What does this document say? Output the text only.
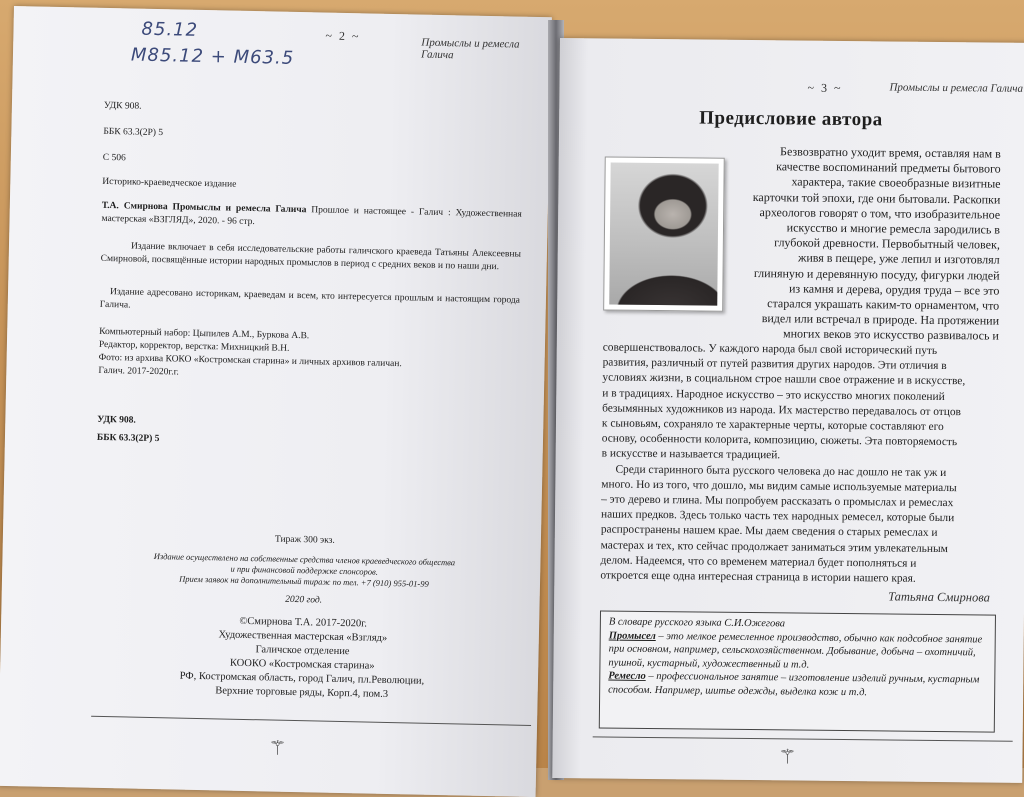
85.12
M85.12 + M63.5
~ 2 ~
Промыслы и ремесла Галича
УДК 908.
ББК 63.3(2Р) 5
С 506
Историко-краеведческое издание
Т.А. Смирнова Промыслы и ремесла Галича Прошлое и настоящее - Галич : Художественная мастерская «ВЗГЛЯД», 2020. - 96 стр.
Издание включает в себя исследовательские работы галичского краеведа Татьяны Алексеевны Смирновой, посвящённые истории народных промыслов в период с средних веков и по наши дни.
Издание адресовано историкам, краеведам и всем, кто интересуется прошлым и настоящим города Галича.
Компьютерный набор: Цыпилев А.М., Буркова А.В.
Редактор, корректор, верстка: Михницкий В.Н.
Фото: из архива КОКО «Костромская старина» и личных архивов галичан.
Галич. 2017-2020г.г.
УДК 908.
ББК 63.3(2Р) 5
Тираж 300 экз.
Издание осуществлено на собственные средства членов краеведческого общества
и при финансовой поддержке спонсоров.
Прием заявок на дополнительный тираж по тел. +7 (910) 955-01-99
2020 год.
©Смирнова Т.А. 2017-2020г.
Художественная мастерская «Взгляд»
Галичское отделение
КООКО «Костромская старина»
РФ, Костромская область, город Галич, пл.Революции,
Верхние торговые ряды, Корп.4, пом.3
⚚
~ 3 ~	Промыслы и ремесла Галича
Предисловие автора
Безвозвратно уходит время, оставляя нам в
качестве воспоминаний предметы бытового
характера, такие своеобразные визитные
карточки той эпохи, где они бытовали. Раскопки
археологов говорят о том, что изобразительное
искусство и многие ремесла зародились в
глубокой древности. Первобытный человек,
живя в пещере, уже лепил и изготовлял
глиняную и деревянную посуду, фигурки людей
из камня и дерева, орудия труда – все это
старался украшать каким-то орнаментом, что
видел или встречал в природе. На протяжении
многих веков это искусство развивалось и
совершенствовалось. У каждого народа был свой исторический путь
развития, различный от путей развития других народов. Эти отличия в
условиях жизни, в социальном строе нашли свое отражение и в искусстве,
и в традициях. Народное искусство – это искусство многих поколений
безымянных художников из народа. Их мастерство передавалось от отцов
к сыновьям, сохраняло те характерные черты, которые составляют его
основу, особенности колорита, композицию, сюжеты. Эта повторяемость
в искусстве и называется традицией.
Среди старинного быта русского человека до нас дошло не так уж и
много. Но из того, что дошло, мы видим самые используемые материалы
– это дерево и глина. Мы попробуем рассказать о промыслах и ремеслах
наших предков. Здесь только часть тех народных ремесел, которые были
распространены нашем крае. Мы даем сведения о старых ремеслах и
мастерах и тех, кто сейчас продолжает заниматься этим увлекательным
делом. Надеемся, что со временем материал будет пополняться и
откроется еще одна интересная страница в истории нашего края.
Татьяна Смирнова
В словаре русского языка С.И.Ожегова
Промысел – это мелкое ремесленное производство, обычно как подсобное занятие при основном, например, сельскохозяйственном. Добывание, добыча – охотничий, пушной, кустарный, художественный и т.д.
Ремесло – профессиональное занятие – изготовление изделий ручным, кустарным способом. Например, шитье одежды, выделка кож и т.д.
⚚
